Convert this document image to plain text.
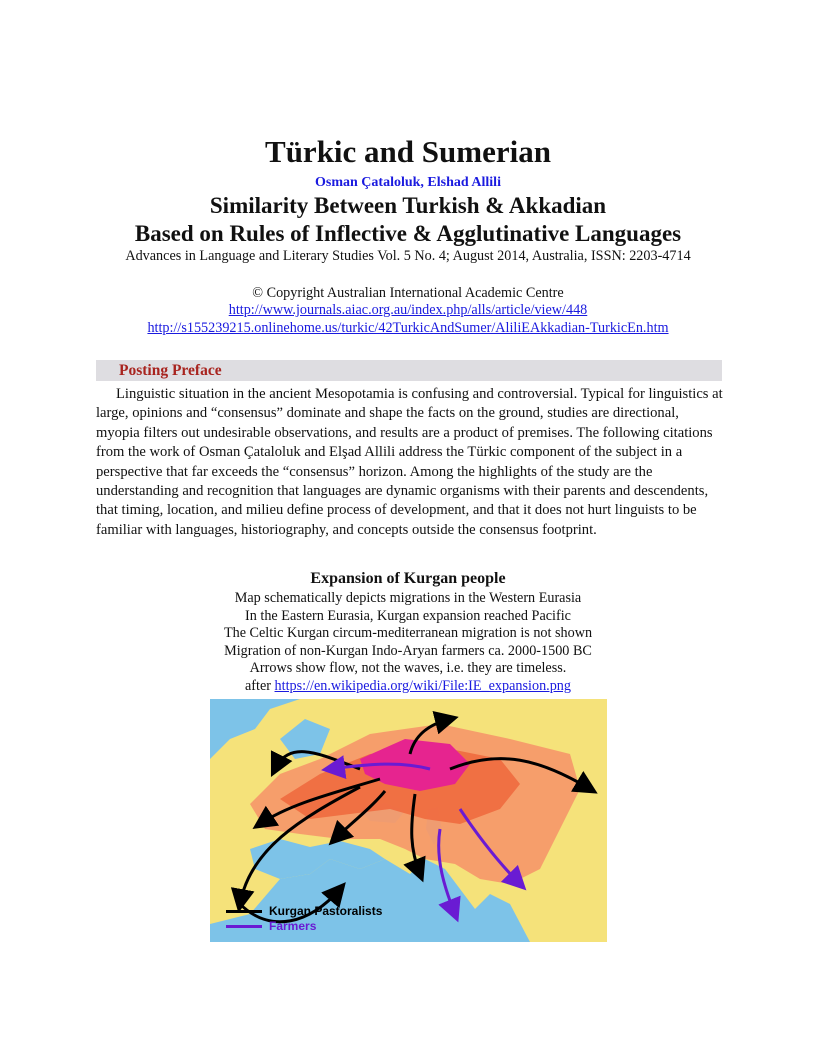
Türkic and Sumerian
Osman Çataloluk, Elshad Allili
Similarity Between Turkish & Akkadian
Based on Rules of Inflective & Agglutinative Languages
Advances in Language and Literary Studies Vol. 5 No. 4; August 2014, Australia, ISSN: 2203-4714
© Copyright Australian International Academic Centre
http://www.journals.aiac.org.au/index.php/alls/article/view/448
http://s155239215.onlinehome.us/turkic/42TurkicAndSumer/AliliEAkkadian-TurkicEn.htm
Posting Preface

Linguistic situation in the ancient Mesopotamia is confusing and controversial. Typical for linguistics at large, opinions and “consensus” dominate and shape the facts on the ground, studies are directional, myopia filters out undesirable observations, and results are a product of premises. The following citations from the work of Osman Çataloluk and Elşad Allili address the Türkic component of the subject in a perspective that far exceeds the “consensus” horizon. Among the highlights of the study are the understanding and recognition that languages are dynamic organisms with their parents and descendents, that timing, location, and milieu define process of development, and that it does not hurt linguists to be familiar with languages, historiography, and concepts outside the consensus footprint.

Expansion of Kurgan people
Map schematically depicts migrations in the Western Eurasia
In the Eastern Eurasia, Kurgan expansion reached Pacific
The Celtic Kurgan circum-mediterranean migration is not shown
Migration of non-Kurgan Indo-Aryan farmers ca. 2000-1500 BC
Arrows show flow, not the waves, i.e. they are timeless.
after https://en.wikipedia.org/wiki/File:IE_expansion.png
Kurgan Pastoralists
Farmers
